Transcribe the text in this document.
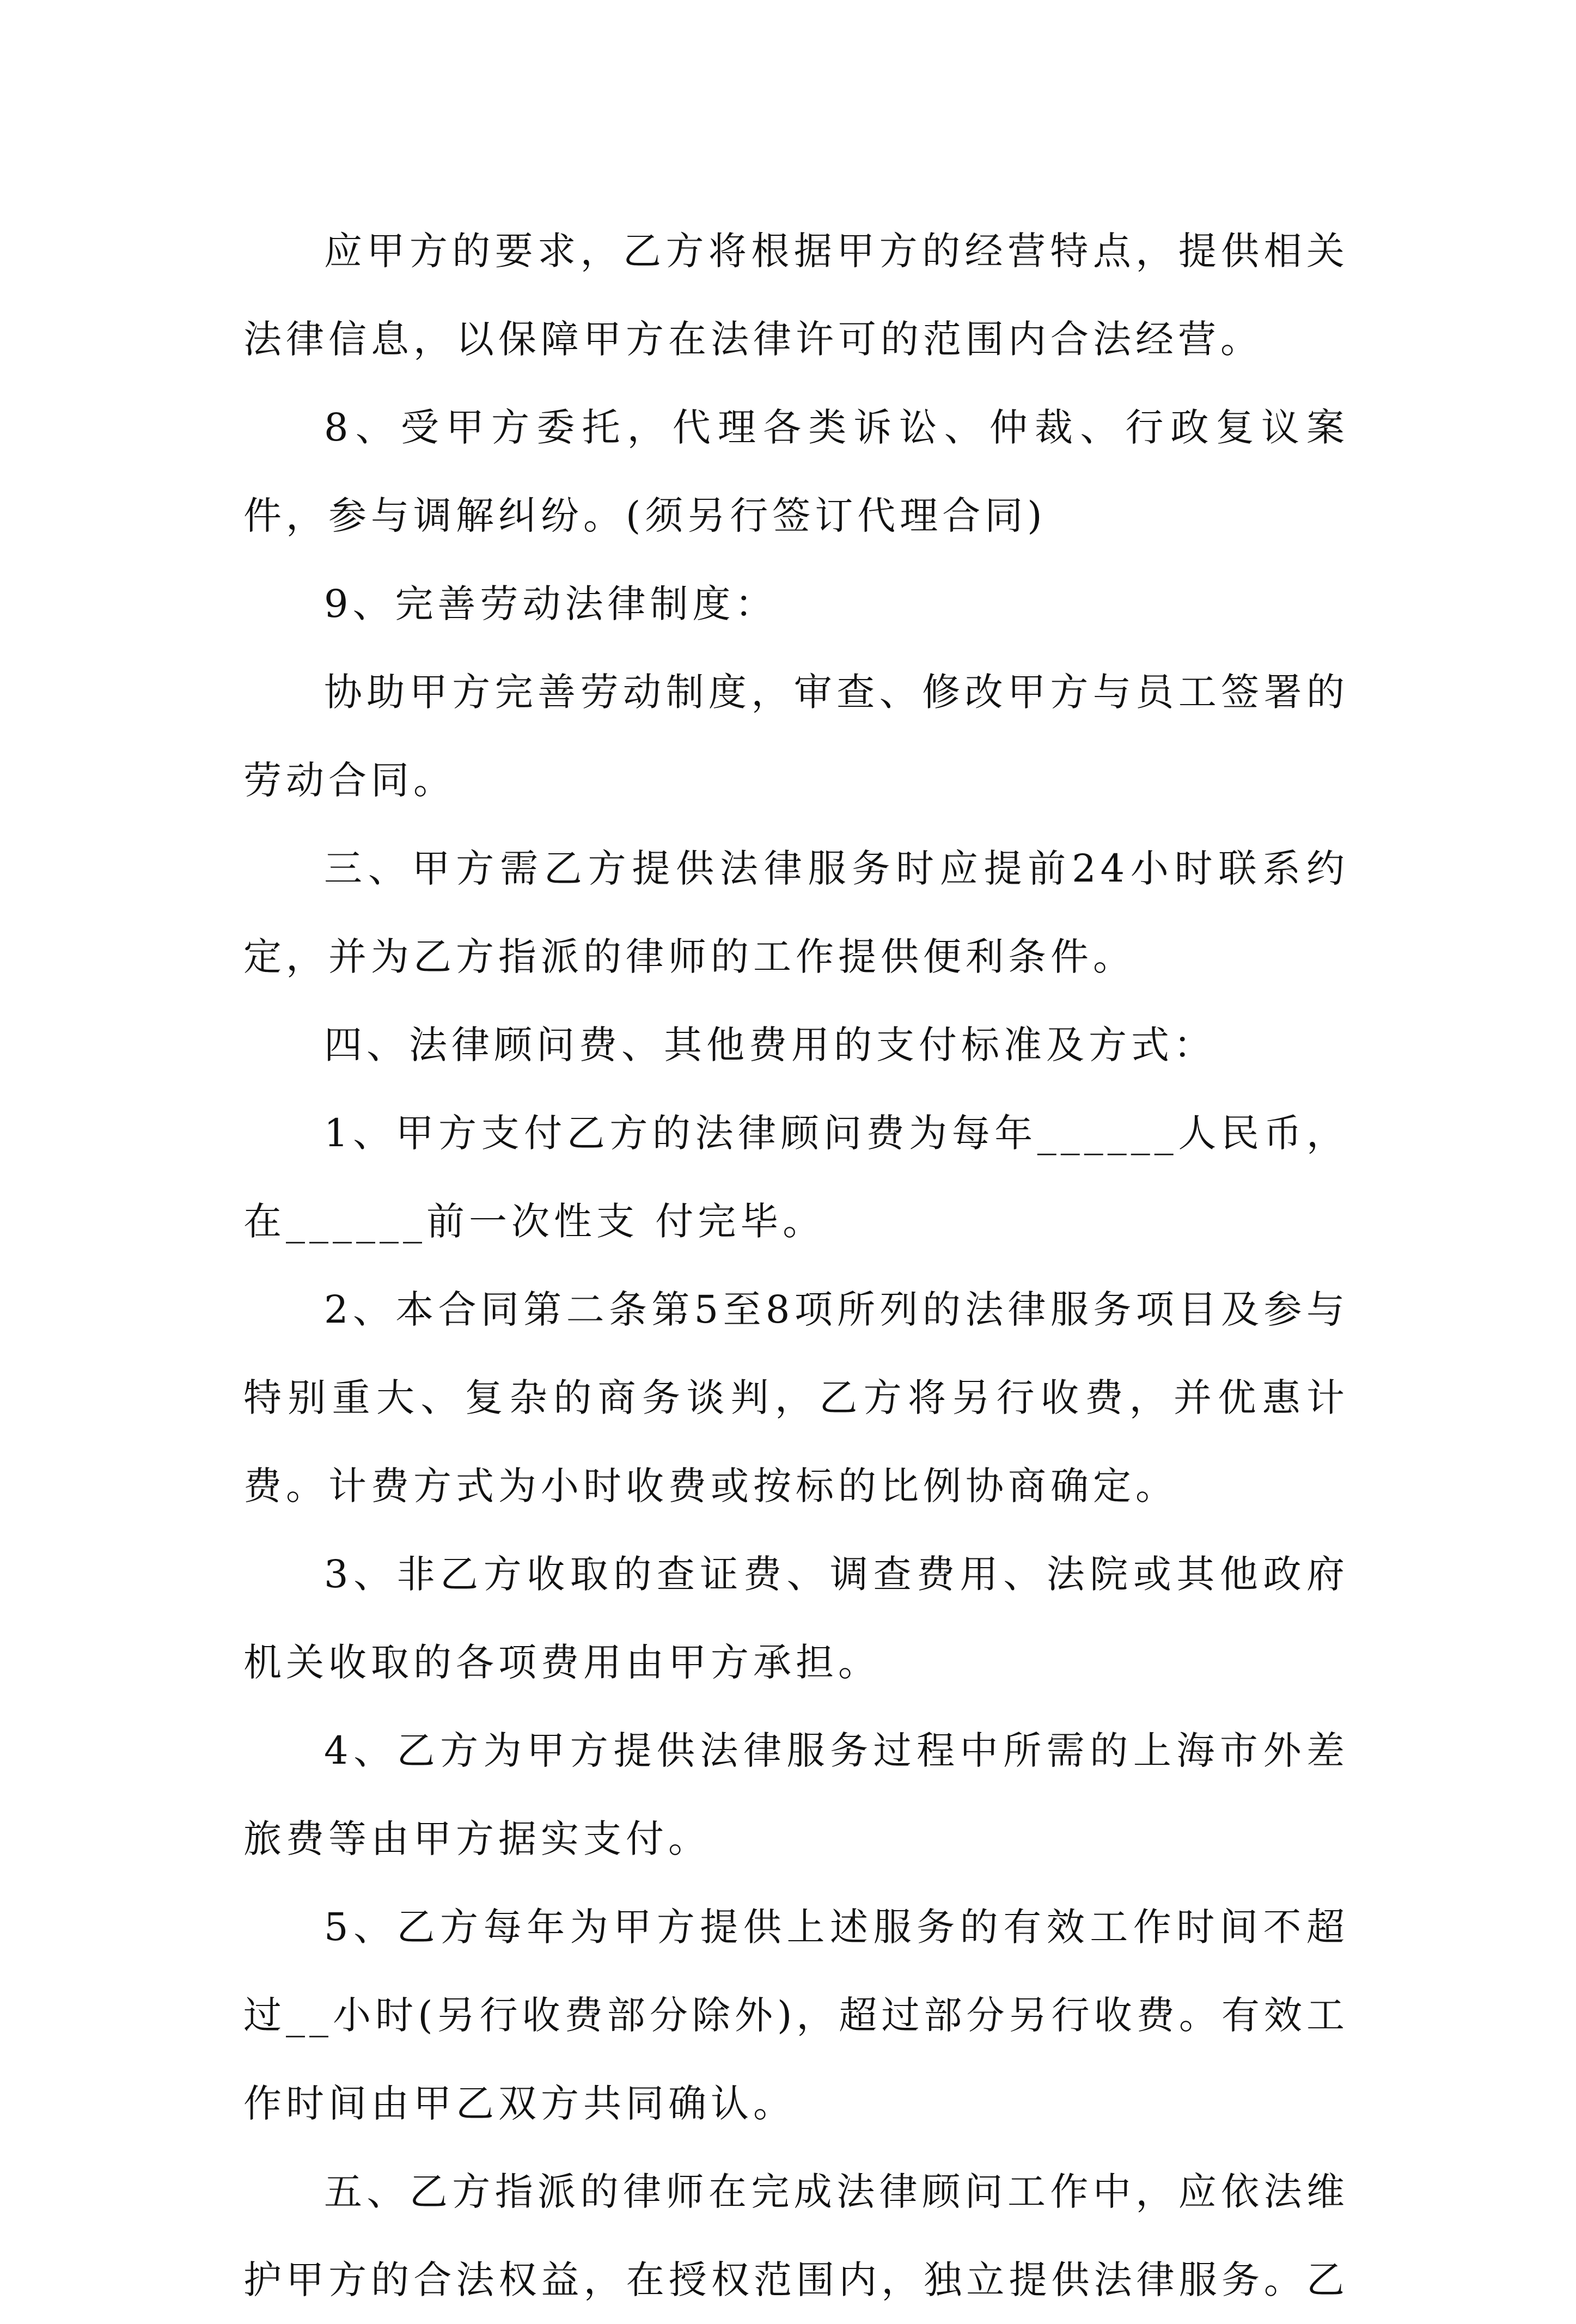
应甲方的要求，乙方将根据甲方的经营特点，提供相关法律信息，以保障甲方在法律许可的范围内合法经营。

8、受甲方委托，代理各类诉讼、仲裁、行政复议案件，参与调解纠纷。(须另行签订代理合同)

9、完善劳动法律制度：

协助甲方完善劳动制度，审查、修改甲方与员工签署的劳动合同。

三、甲方需乙方提供法律服务时应提前24小时联系约定，并为乙方指派的律师的工作提供便利条件。

四、法律顾问费、其他费用的支付标准及方式：

1、甲方支付乙方的法律顾问费为每年______人民币，在______前一次性支 付完毕。

2、本合同第二条第5至8项所列的法律服务项目及参与特别重大、复杂的商务谈判，乙方将另行收费，并优惠计费。计费方式为小时收费或按标的比例协商确定。

3、非乙方收取的查证费、调查费用、法院或其他政府机关收取的各项费用由甲方承担。

4、乙方为甲方提供法律服务过程中所需的上海市外差旅费等由甲方据实支付。

5、乙方每年为甲方提供上述服务的有效工作时间不超过__小时(另行收费部分除外)，超过部分另行收费。有效工作时间由甲乙双方共同确认。

五、乙方指派的律师在完成法律顾问工作中，应依法维护甲方的合法权益，在授权范围内，独立提供法律服务。乙
